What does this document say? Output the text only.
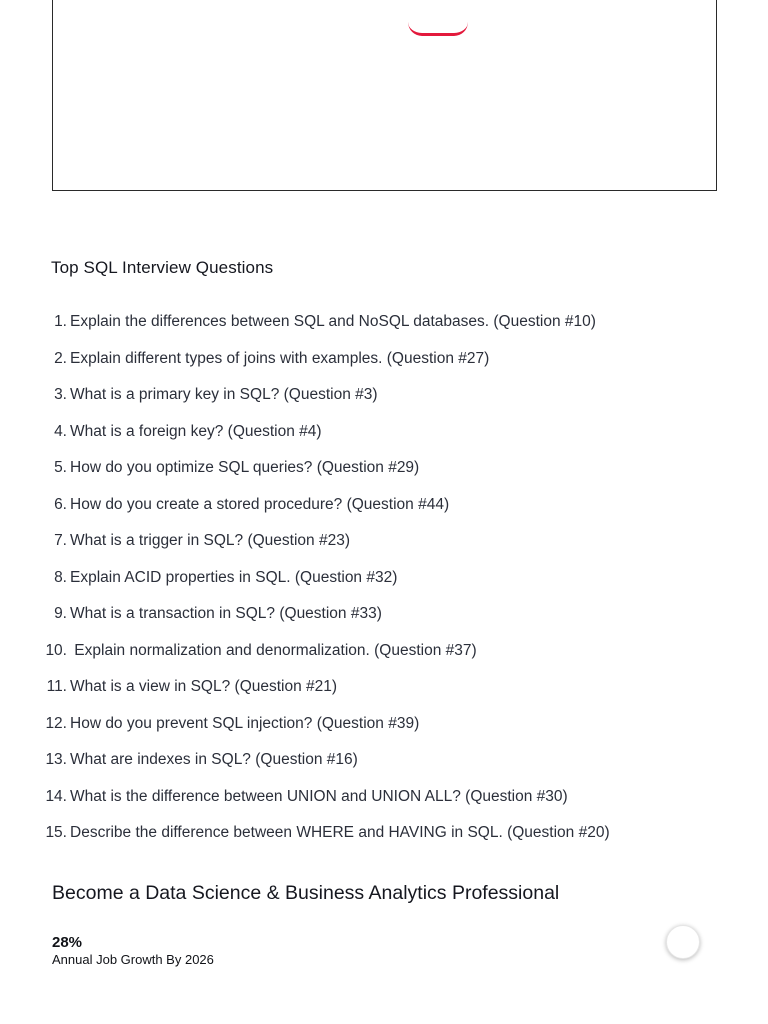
Top SQL Interview Questions
1. Explain the differences between SQL and NoSQL databases. (Question #10)
2. Explain different types of joins with examples. (Question #27)
3. What is a primary key in SQL? (Question #3)
4. What is a foreign key? (Question #4)
5. How do you optimize SQL queries? (Question #29)
6. How do you create a stored procedure? (Question #44)
7. What is a trigger in SQL? (Question #23)
8. Explain ACID properties in SQL. (Question #32)
9. What is a transaction in SQL? (Question #33)
10. Explain normalization and denormalization. (Question #37)
11. What is a view in SQL? (Question #21)
12. How do you prevent SQL injection? (Question #39)
13. What are indexes in SQL? (Question #16)
14. What is the difference between UNION and UNION ALL? (Question #30)
15. Describe the difference between WHERE and HAVING in SQL. (Question #20)
Become a Data Science & Business Analytics Professional
28%
Annual Job Growth By 2026
